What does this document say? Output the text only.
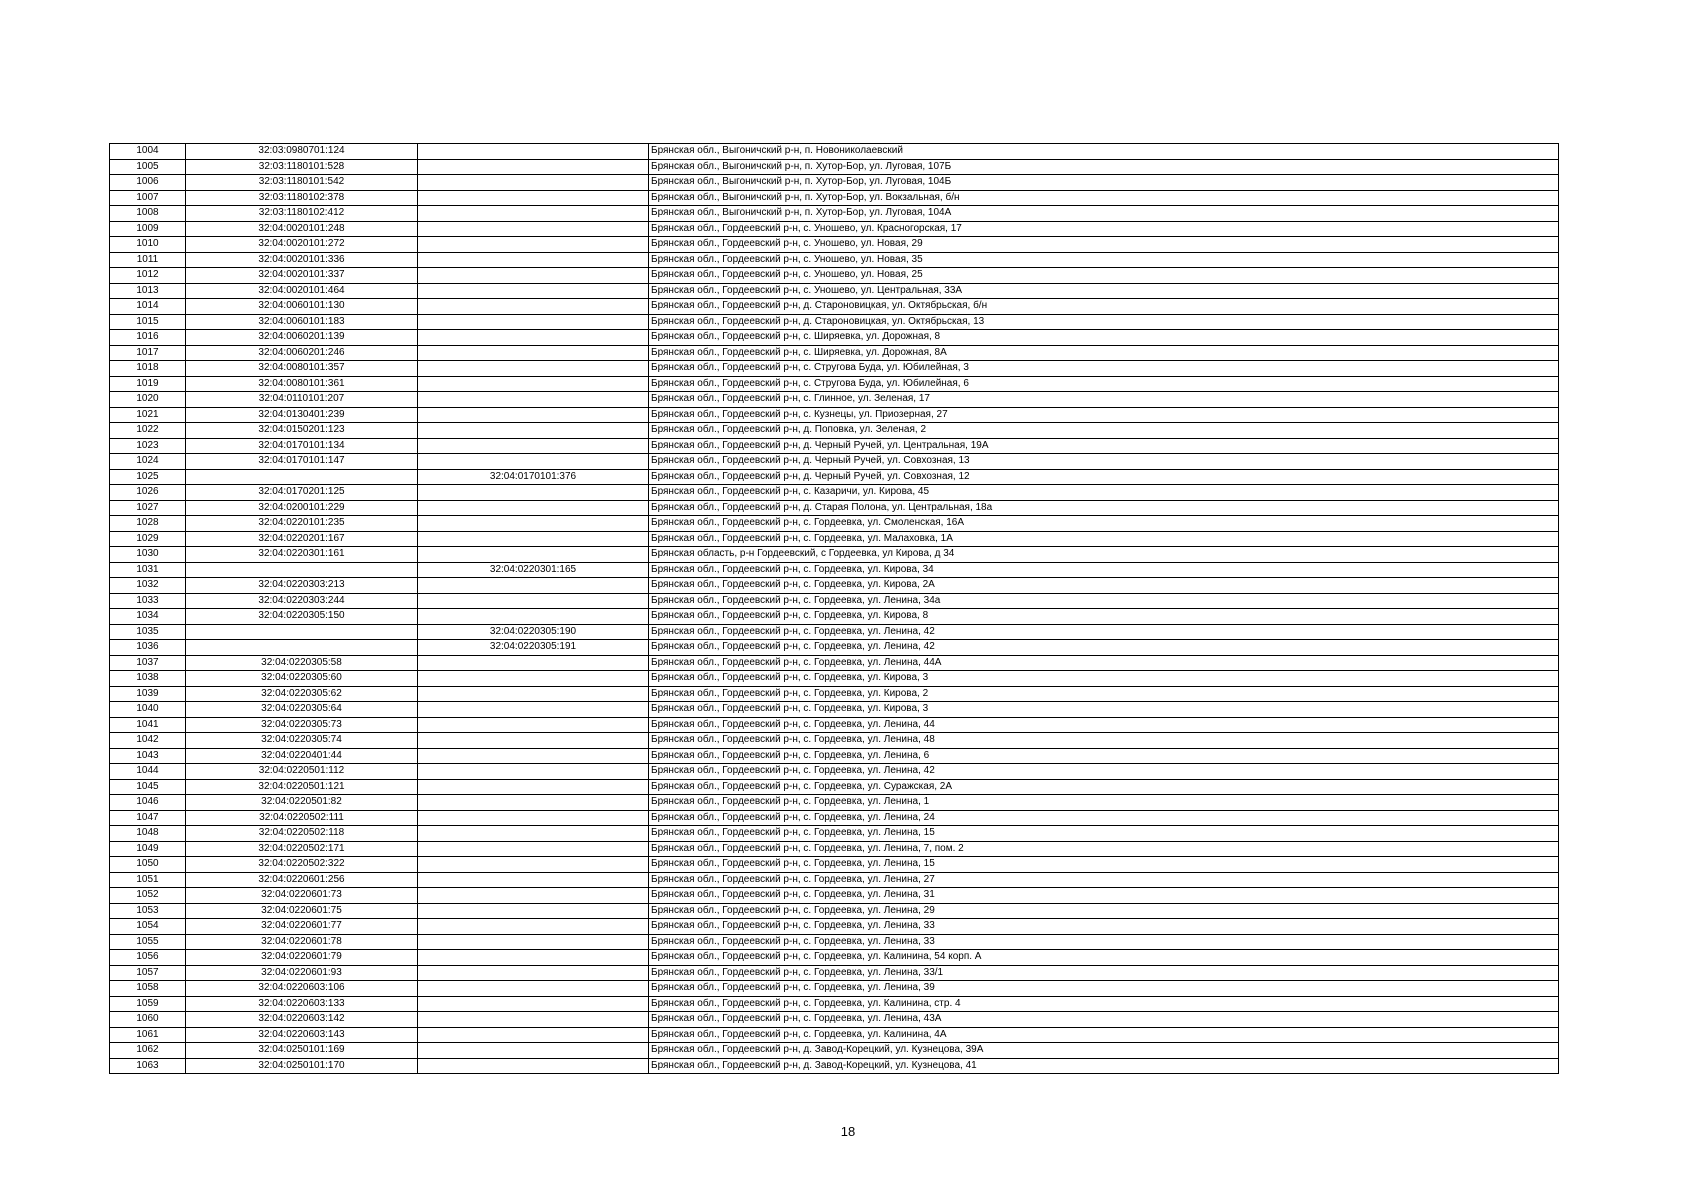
1004	32:03:0980701:124		Брянская обл., Выгоничский р-н, п. Новониколаевский
1005	32:03:1180101:528		Брянская обл., Выгоничский р-н, п. Хутор-Бор, ул. Луговая, 107Б
1006	32:03:1180101:542		Брянская обл., Выгоничский р-н, п. Хутор-Бор, ул. Луговая, 104Б
1007	32:03:1180102:378		Брянская обл., Выгоничский р-н, п. Хутор-Бор, ул. Вокзальная, б/н
1008	32:03:1180102:412		Брянская обл., Выгоничский р-н, п. Хутор-Бор, ул. Луговая, 104А
1009	32:04:0020101:248		Брянская обл., Гордеевский р-н, с. Уношево, ул. Красногорская, 17
1010	32:04:0020101:272		Брянская обл., Гордеевский р-н, с. Уношево, ул. Новая, 29
1011	32:04:0020101:336		Брянская обл., Гордеевский р-н, с. Уношево, ул. Новая, 35
1012	32:04:0020101:337		Брянская обл., Гордеевский р-н, с. Уношево, ул. Новая, 25
1013	32:04:0020101:464		Брянская обл., Гордеевский р-н, с. Уношево, ул. Центральная, 33А
1014	32:04:0060101:130		Брянская обл., Гордеевский р-н, д. Староновицкая, ул. Октябрьская, б/н
1015	32:04:0060101:183		Брянская обл., Гордеевский р-н, д. Староновицкая, ул. Октябрьская, 13
1016	32:04:0060201:139		Брянская обл., Гордеевский р-н, с. Ширяевка, ул. Дорожная, 8
1017	32:04:0060201:246		Брянская обл., Гордеевский р-н, с. Ширяевка, ул. Дорожная, 8А
1018	32:04:0080101:357		Брянская обл., Гордеевский р-н, с. Стругова Буда, ул. Юбилейная, 3
1019	32:04:0080101:361		Брянская обл., Гордеевский р-н, с. Стругова Буда, ул. Юбилейная, 6
1020	32:04:0110101:207		Брянская обл., Гордеевский р-н, с. Глинное, ул. Зеленая, 17
1021	32:04:0130401:239		Брянская обл., Гордеевский р-н, с. Кузнецы, ул. Приозерная, 27
1022	32:04:0150201:123		Брянская обл., Гордеевский р-н, д. Поповка, ул. Зеленая, 2
1023	32:04:0170101:134		Брянская обл., Гордеевский р-н, д. Черный Ручей, ул. Центральная, 19А
1024	32:04:0170101:147		Брянская обл., Гордеевский р-н, д. Черный Ручей, ул. Совхозная, 13
1025		32:04:0170101:376	Брянская обл., Гордеевский р-н, д. Черный Ручей, ул. Совхозная, 12
1026	32:04:0170201:125		Брянская обл., Гордеевский р-н, с. Казаричи, ул. Кирова, 45
1027	32:04:0200101:229		Брянская обл., Гордеевский р-н, д. Старая Полона, ул. Центральная, 18а
1028	32:04:0220101:235		Брянская обл., Гордеевский р-н, с. Гордеевка, ул. Смоленская, 16А
1029	32:04:0220201:167		Брянская обл., Гордеевский р-н, с. Гордеевка, ул. Малаховка, 1А
1030	32:04:0220301:161		Брянская область, р-н Гордеевский, с Гордеевка, ул Кирова, д 34
1031		32:04:0220301:165	Брянская обл., Гордеевский р-н, с. Гордеевка, ул. Кирова, 34
1032	32:04:0220303:213		Брянская обл., Гордеевский р-н, с. Гордеевка, ул. Кирова, 2А
1033	32:04:0220303:244		Брянская обл., Гордеевский р-н, с. Гордеевка, ул. Ленина, 34а
1034	32:04:0220305:150		Брянская обл., Гордеевский р-н, с. Гордеевка, ул. Кирова, 8
1035		32:04:0220305:190	Брянская обл., Гордеевский р-н, с. Гордеевка, ул. Ленина, 42
1036		32:04:0220305:191	Брянская обл., Гордеевский р-н, с. Гордеевка, ул. Ленина, 42
1037	32:04:0220305:58		Брянская обл., Гордеевский р-н, с. Гордеевка, ул. Ленина, 44А
1038	32:04:0220305:60		Брянская обл., Гордеевский р-н, с. Гордеевка, ул. Кирова, 3
1039	32:04:0220305:62		Брянская обл., Гордеевский р-н, с. Гордеевка, ул. Кирова, 2
1040	32:04:0220305:64		Брянская обл., Гордеевский р-н, с. Гордеевка, ул. Кирова, 3
1041	32:04:0220305:73		Брянская обл., Гордеевский р-н, с. Гордеевка, ул. Ленина, 44
1042	32:04:0220305:74		Брянская обл., Гордеевский р-н, с. Гордеевка, ул. Ленина, 48
1043	32:04:0220401:44		Брянская обл., Гордеевский р-н, с. Гордеевка, ул. Ленина, 6
1044	32:04:0220501:112		Брянская обл., Гордеевский р-н, с. Гордеевка, ул. Ленина, 42
1045	32:04:0220501:121		Брянская обл., Гордеевский р-н, с. Гордеевка, ул. Суражская, 2А
1046	32:04:0220501:82		Брянская обл., Гордеевский р-н, с. Гордеевка, ул. Ленина, 1
1047	32:04:0220502:111		Брянская обл., Гордеевский р-н, с. Гордеевка, ул. Ленина, 24
1048	32:04:0220502:118		Брянская обл., Гордеевский р-н, с. Гордеевка, ул. Ленина, 15
1049	32:04:0220502:171		Брянская обл., Гордеевский р-н, с. Гордеевка, ул. Ленина, 7, пом. 2
1050	32:04:0220502:322		Брянская обл., Гордеевский р-н, с. Гордеевка, ул. Ленина, 15
1051	32:04:0220601:256		Брянская обл., Гордеевский р-н, с. Гордеевка, ул. Ленина, 27
1052	32:04:0220601:73		Брянская обл., Гордеевский р-н, с. Гордеевка, ул. Ленина, 31
1053	32:04:0220601:75		Брянская обл., Гордеевский р-н, с. Гордеевка, ул. Ленина, 29
1054	32:04:0220601:77		Брянская обл., Гордеевский р-н, с. Гордеевка, ул. Ленина, 33
1055	32:04:0220601:78		Брянская обл., Гордеевский р-н, с. Гордеевка, ул. Ленина, 33
1056	32:04:0220601:79		Брянская обл., Гордеевский р-н, с. Гордеевка, ул. Калинина, 54 корп. А
1057	32:04:0220601:93		Брянская обл., Гордеевский р-н, с. Гордеевка, ул. Ленина, 33/1
1058	32:04:0220603:106		Брянская обл., Гордеевский р-н, с. Гордеевка, ул. Ленина, 39
1059	32:04:0220603:133		Брянская обл., Гордеевский р-н, с. Гордеевка, ул. Калинина, стр. 4
1060	32:04:0220603:142		Брянская обл., Гордеевский р-н, с. Гордеевка, ул. Ленина, 43А
1061	32:04:0220603:143		Брянская обл., Гордеевский р-н, с. Гордеевка, ул. Калинина, 4А
1062	32:04:0250101:169		Брянская обл., Гордеевский р-н, д. Завод-Корецкий, ул. Кузнецова, 39А
1063	32:04:0250101:170		Брянская обл., Гордеевский р-н, д. Завод-Корецкий, ул. Кузнецова, 41
18
